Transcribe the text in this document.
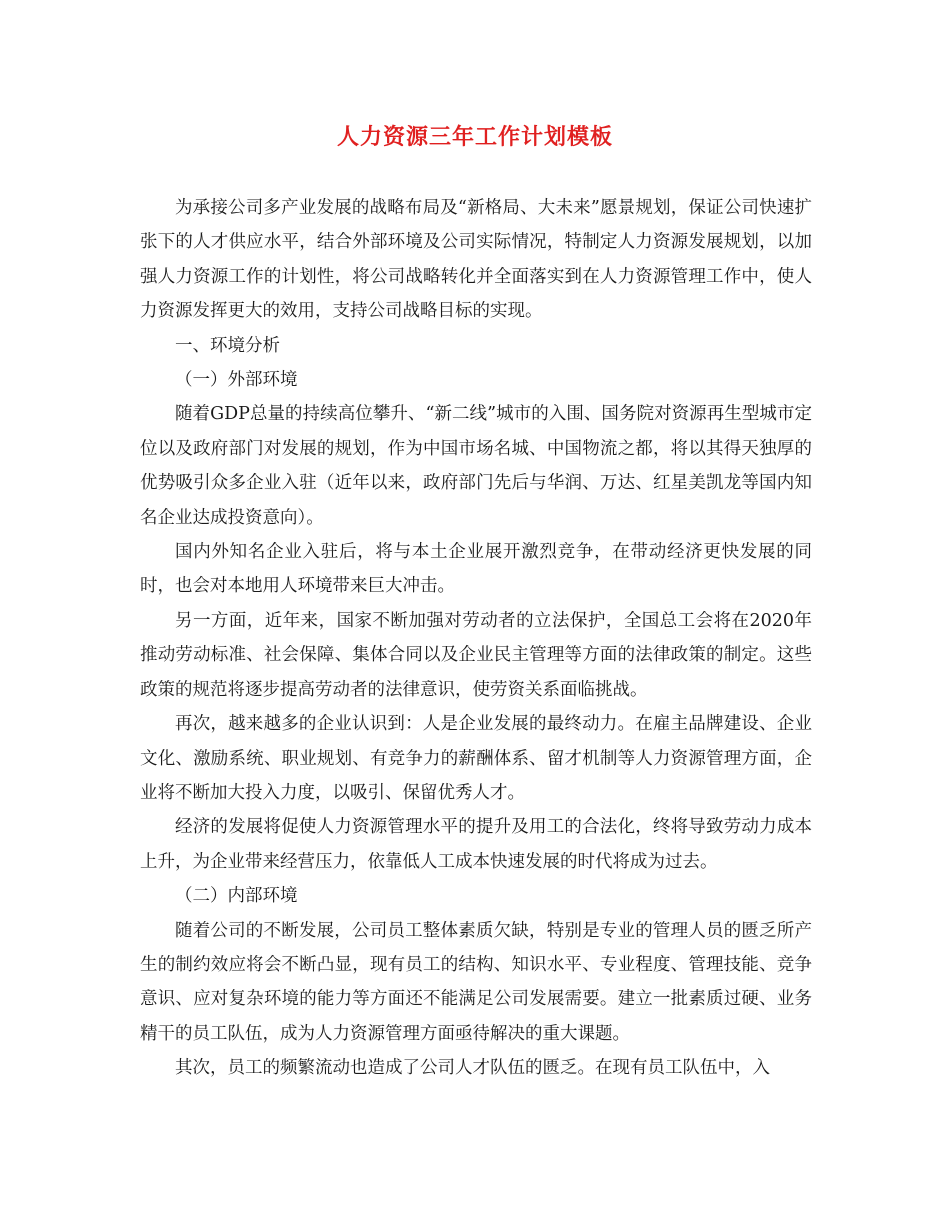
人力资源三年工作计划模板

为承接公司多产业发展的战略布局及“新格局、大未来”愿景规划，保证公司快速扩张下的人才供应水平，结合外部环境及公司实际情况，特制定人力资源发展规划，以加强人力资源工作的计划性，将公司战略转化并全面落实到在人力资源管理工作中，使人力资源发挥更大的效用，支持公司战略目标的实现。

一、环境分析

（一）外部环境

随着GDP总量的持续高位攀升、“新二线”城市的入围、国务院对资源再生型城市定位以及政府部门对发展的规划，作为中国市场名城、中国物流之都，将以其得天独厚的优势吸引众多企业入驻（近年以来，政府部门先后与华润、万达、红星美凯龙等国内知名企业达成投资意向）。

国内外知名企业入驻后，将与本土企业展开激烈竞争，在带动经济更快发展的同时，也会对本地用人环境带来巨大冲击。

另一方面，近年来，国家不断加强对劳动者的立法保护，全国总工会将在2020年推动劳动标准、社会保障、集体合同以及企业民主管理等方面的法律政策的制定。这些政策的规范将逐步提高劳动者的法律意识，使劳资关系面临挑战。

再次，越来越多的企业认识到：人是企业发展的最终动力。在雇主品牌建设、企业文化、激励系统、职业规划、有竞争力的薪酬体系、留才机制等人力资源管理方面，企业将不断加大投入力度，以吸引、保留优秀人才。

经济的发展将促使人力资源管理水平的提升及用工的合法化，终将导致劳动力成本上升，为企业带来经营压力，依靠低人工成本快速发展的时代将成为过去。

（二）内部环境

随着公司的不断发展，公司员工整体素质欠缺，特别是专业的管理人员的匮乏所产生的制约效应将会不断凸显，现有员工的结构、知识水平、专业程度、管理技能、竞争意识、应对复杂环境的能力等方面还不能满足公司发展需要。建立一批素质过硬、业务精干的员工队伍，成为人力资源管理方面亟待解决的重大课题。

其次，员工的频繁流动也造成了公司人才队伍的匮乏。在现有员工队伍中，入
